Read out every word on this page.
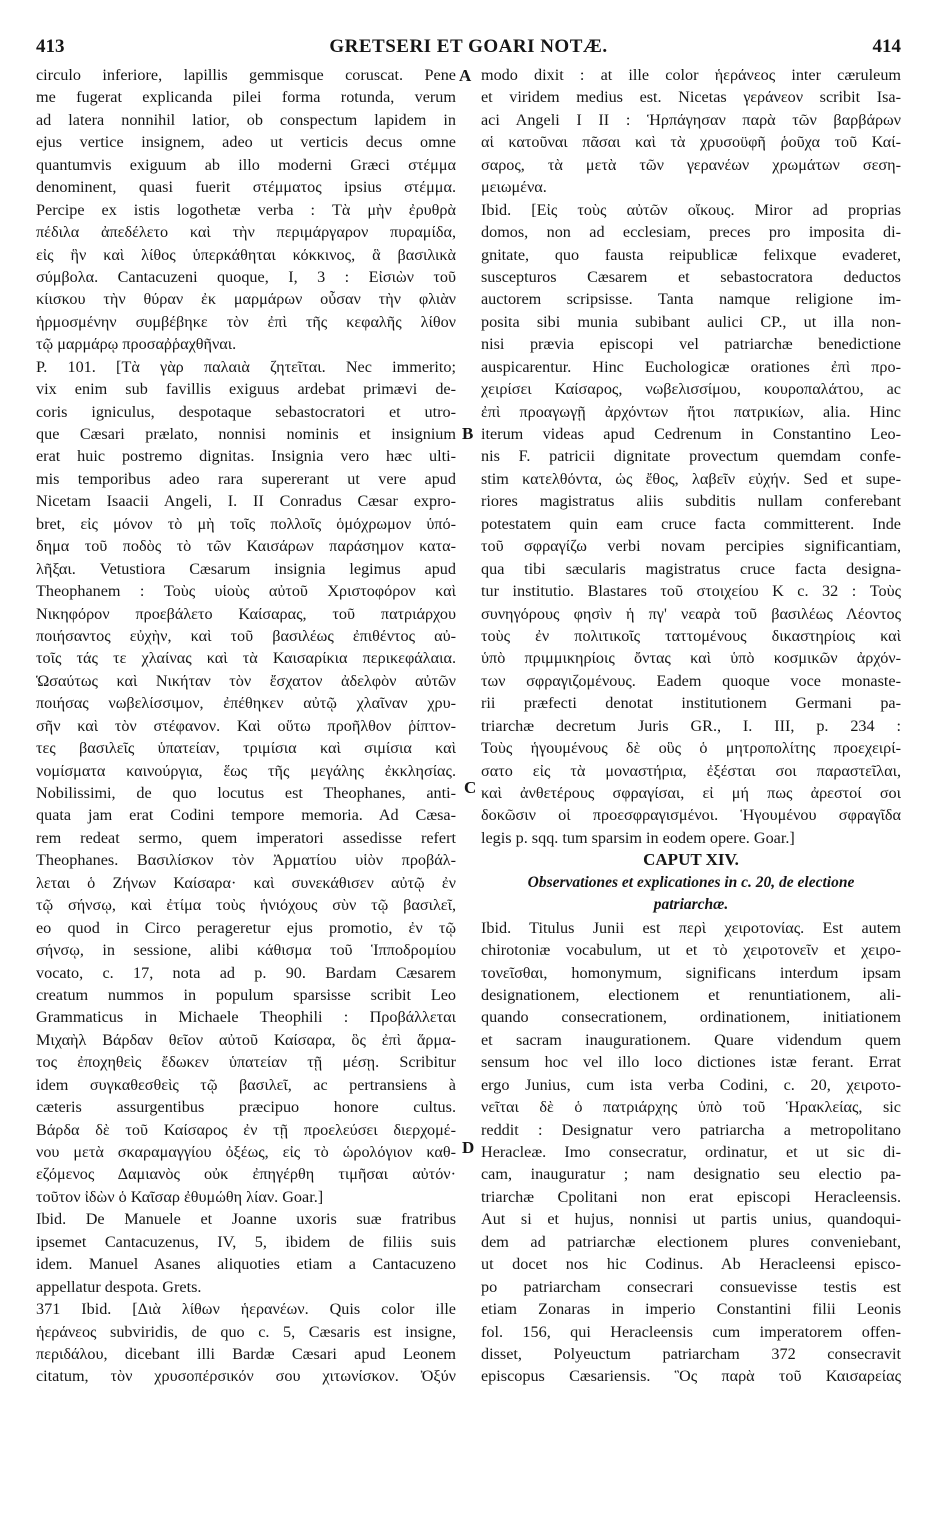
413	GRETSERI ET GOARI NOTÆ.	414
A
B
C
D
circulo inferiore, lapillis gemmisque coruscat. Pene
me fugerat explicanda pilei forma rotunda, verum
ad latera nonnihil latior, ob conspectum lapidem in
ejus vertice insignem, adeo ut verticis decus omne
quantumvis exiguum ab illo moderni Græci στέμμα
denominent, quasi fuerit στέμματος ipsius στέμμα.
Percipe ex istis logothetæ verba : Τὰ μὴν ἐρυθρὰ
πέδιλα ἀπεδέλετο καὶ τὴν περιμάργαρον πυραμίδα,
εἰς ἣν καὶ λίθος ὑπερκάθηται κόκκινος, ἃ βασιλικὰ
σύμβολα. Cantacuzeni quoque, I, 3 : Εἰσιὼν τοῦ
κίισκου τὴν θύραν ἐκ μαρμάρων οὖσαν τὴν φλιὰν
ἡρμοσμένην συμβέβηκε τὸν ἐπὶ τῆς κεφαλῆς λίθον
τῷ μαρμάρῳ προσαῤῥαχθῆναι.
P. 101. [Τὰ γὰρ παλαιὰ ζητεῖται. Nec immerito;
vix enim sub favillis exiguus ardebat primævi de-
coris igniculus, despotaque sebastocratori et utro-
que Cæsari prælato, nonnisi nominis et insignium
erat huic postremo dignitas. Insignia vero hæc ulti-
mis temporibus adeo rara supererant ut vere apud
Nicetam Isaacii Angeli, I. II Conradus Cæsar expro-
bret, εἰς μόνον τὸ μὴ τοῖς πολλοῖς ὁμόχρωμον ὑπό-
δημα τοῦ ποδὸς τὸ τῶν Καισάρων παράσημον κατα-
λῆξαι. Vetustiora Cæsarum insignia legimus apud
Theophanem : Τοὺς υἱοὺς αὐτοῦ Χριστοφόρον καὶ
Νικηφόρον προεβάλετο Καίσαρας, τοῦ πατριάρχου
ποιήσαντος εὐχὴν, καὶ τοῦ βασιλέως ἐπιθέντος αὐ-
τοῖς τάς τε χλαίνας καὶ τὰ Καισαρίκια περικεφάλαια.
Ὡσαύτως καὶ Νικήταν τὸν ἔσχατον ἀδελφὸν αὐτῶν
ποιήσας νωβελίσσιμον, ἐπέθηκεν αὐτῷ χλαῖναν χρυ-
σῆν καὶ τὸν στέφανον. Καὶ οὕτω προῆλθον ῥίπτον-
τες βασιλεῖς ὑπατείαν, τριμίσια καὶ σιμίσια καὶ
νομίσματα καινούργια, ἕως τῆς μεγάλης ἐκκλησίας.
Nobilissimi, de quo locutus est Theophanes, anti-
quata jam erat Codini tempore memoria. Ad Cæsa-
rem redeat sermo, quem imperatori assedisse refert
Theophanes. Βασιλίσκον τὸν Ἀρματίου υἱὸν προβάλ-
λεται ὁ Ζήνων Καίσαρα· καὶ συνεκάθισεν αὐτῷ ἐν
τῷ σήνσῳ, καὶ ἐτίμα τοὺς ἡνιόχους σὺν τῷ βασιλεῖ,
eo quod in Circo perageretur ejus promotio, ἐν τῷ
σήνσῳ, in sessione, alibi κάθισμα τοῦ Ἱπποδρομίου
vocato, c. 17, nota ad p. 90. Bardam Cæsarem
creatum nummos in populum sparsisse scribit Leo
Grammaticus in Michaele Theophili : Προβάλλεται
Μιχαὴλ Βάρδαν θεῖον αὐτοῦ Καίσαρα, ὃς ἐπὶ ἅρμα-
τος ἐποχηθεὶς ἔδωκεν ὑπατείαν τῇ μέσῃ. Scribitur
idem συγκαθεσθεὶς τῷ βασιλεῖ, ac pertransiens à
cæteris assurgentibus præcipuo honore cultus.
Βάρδα δὲ τοῦ Καίσαρος ἐν τῇ προελεύσει διερχομέ-
νου μετὰ σκαραμαγγίου ὀξέως, εἰς τὸ ὡρολόγιον καθ-
εζόμενος Δαμιανὸς οὐκ ἐπηγέρθη τιμῆσαι αὐτόν·
τοῦτον ἰδὼν ὁ Καῖσαρ ἐθυμώθη λίαν. Goar.]
Ibid. De Manuele et Joanne uxoris suæ fratribus
ipsemet Cantacuzenus, IV, 5, ibidem de filiis suis
idem. Manuel Asanes aliquoties etiam a Cantacuzeno
appellatur despota. Grets.
371 Ibid. [Διὰ λίθων ἡερανέων. Quis color ille
ἡεράνεος subviridis, de quo c. 5, Cæsaris est insigne,
περιδάλου, dicebant illi Bardæ Cæsari apud Leonem
citatum, τὸν χρυσοπέρσικόν σου χιτωνίσκον. Ὀξύν
modo dixit : at ille color ἡεράνεος inter cæruleum
et viridem medius est. Nicetas γεράνεον scribit Isa-
aci Angeli I II : Ἡρπάγησαν παρὰ τῶν βαρβάρων
αἱ κατοῦναι πᾶσαι καὶ τὰ χρυσοϋφῆ ῥοῦχα τοῦ Καί-
σαρος, τὰ μετὰ τῶν γερανέων χρωμάτων σεση-
μειωμένα.
Ibid. [Εἰς τοὺς αὐτῶν οἴκους. Miror ad proprias
domos, non ad ecclesiam, preces pro imposita di-
gnitate, quo fausta reipublicæ felixque evaderet,
suscepturos Cæsarem et sebastocratora deductos
auctorem scripsisse. Tanta namque religione im-
posita sibi munia subibant aulici CP., ut illa non-
nisi prævia episcopi vel patriarchæ benedictione
auspicarentur. Hinc Euchologicæ orationes ἐπὶ προ-
χειρίσει Καίσαρος, νωβελισσίμου, κουροπαλάτου, ac
ἐπὶ προαγωγῇ ἀρχόντων ἤτοι πατρικίων, alia. Hinc
iterum videas apud Cedrenum in Constantino Leo-
nis F. patricii dignitate provectum quemdam confe-
stim κατελθόντα, ὡς ἔθος, λαβεῖν εὐχήν. Sed et supe-
riores magistratus aliis subditis nullam conferebant
potestatem quin eam cruce facta committerent. Inde
τοῦ σφραγίζω verbi novam percipies significantiam,
qua tibi sæcularis magistratus cruce facta designa-
tur institutio. Blastares τοῦ στοιχείου K c. 32 : Τοὺς
συνηγόρους φησὶν ἡ πγ' νεαρὰ τοῦ βασιλέως Λέοντος
τοὺς ἐν πολιτικοῖς ταττομένους δικαστηρίοις καὶ
ὑπὸ πριμμικηρίοις ὄντας καὶ ὑπὸ κοσμικῶν ἀρχόν-
των σφραγιζομένους. Eadem quoque voce monaste-
rii præfecti denotat institutionem Germani pa-
triarchæ decretum Juris GR., I. III, p. 234 :
Τοὺς ἡγουμένους δὲ οὓς ὁ μητροπολίτης προεχειρί-
σατο εἰς τὰ μοναστήρια, ἐξέσται σοι παραστεῖλαι,
καὶ ἀνθετέρους σφραγίσαι, εἰ μή πως ἀρεστοί σοι
δοκῶσιν οἱ προεσφραγισμένοι. Ἡγουμένου σφραγῖδα
legis p. sqq. tum sparsim in eodem opere. Goar.]
CAPUT XIV.
Observationes et explicationes in c. 20, de electione
patriarchæ.
Ibid. Titulus Junii est περὶ χειροτονίας. Est autem
chirotoniæ vocabulum, ut et τὸ χειροτονεῖν et χειρο-
τονεῖσθαι, homonymum, significans interdum ipsam
designationem, electionem et renuntiationem, ali-
quando consecrationem, ordinationem, initiationem
et sacram inaugurationem. Quare videndum quem
sensum hoc vel illo loco dictiones istæ ferant. Errat
ergo Junius, cum ista verba Codini, c. 20, χειροτο-
νεῖται δὲ ὁ πατριάρχης ὑπὸ τοῦ Ἡρακλείας, sic
reddit : Designatur vero patriarcha a metropolitano
Heracleæ. Imo consecratur, ordinatur, et ut sic di-
cam, inauguratur ; nam designatio seu electio pa-
triarchæ Cpolitani non erat episcopi Heracleensis.
Aut si et hujus, nonnisi ut partis unius, quandoqui-
dem ad patriarchæ electionem plures conveniebant,
ut docet nos hic Codinus. Ab Heracleensi episco-
po patriarcham consecrari consuevisse testis est
etiam Zonaras in imperio Constantini filii Leonis
fol. 156, qui Heracleensis cum imperatorem offen-
disset, Polyeuctum patriarcham 372 consecravit
episcopus Cæsariensis. Ὃς παρὰ τοῦ Καισαρείας
